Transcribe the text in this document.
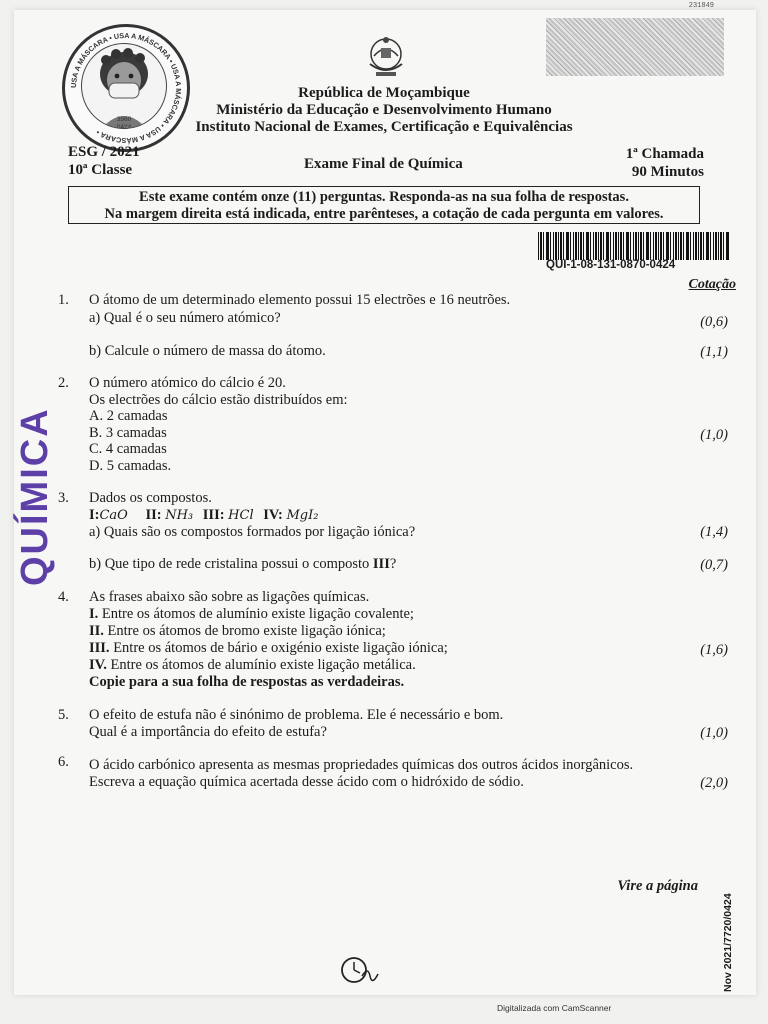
231849
USA A MÁSCARA • USA A MÁSCARA • USA A MÁSCARA • USA A MÁSCARA •
3560
0424
República de Moçambique
Ministério da Educação e Desenvolvimento Humano
Instituto Nacional de Exames, Certificação e Equivalências
ESG / 2021
10ª Classe	Exame Final de Química
1ª Chamada
90 Minutos
Este exame contém onze (11) perguntas. Responda-as na sua folha de respostas.
Na margem direita está indicada, entre parênteses, a cotação de cada pergunta em valores.
QUI-1-08-131-0870-0424
Cotação
QUÍMICA
1. O átomo de um determinado elemento possui 15 electrões e 16 neutrões.
a) Qual é o seu número atómico?	(0,6)
b) Calcule o número de massa do átomo.	(1,1)
2. O número atómico do cálcio é 20.
Os electrões do cálcio estão distribuídos em:
A. 2 camadas
B. 3 camadas
C. 4 camadas
D. 5 camadas.
(1,0)
3. Dados os compostos.
I:CaO II: NH₃ III: HCl IV: MgI₂
a) Quais são os compostos formados por ligação iónica?	(1,4)
b) Que tipo de rede cristalina possui o composto III?	(0,7)
4. As frases abaixo são sobre as ligações químicas.
I. Entre os átomos de alumínio existe ligação covalente;
II. Entre os átomos de bromo existe ligação iónica;
III. Entre os átomos de bário e oxigénio existe ligação iónica;
IV. Entre os átomos de alumínio existe ligação metálica.
Copie para a sua folha de respostas as verdadeiras.
(1,6)
5. O efeito de estufa não é sinónimo de problema. Ele é necessário e bom.
Qual é a importância do efeito de estufa?	(1,0)
6. O ácido carbónico apresenta as mesmas propriedades químicas dos outros ácidos inorgânicos.
Escreva a equação química acertada desse ácido com o hidróxido de sódio.	(2,0)
Vire a página
Nov 2021/7720/0424
Digitalizada com CamScanner
